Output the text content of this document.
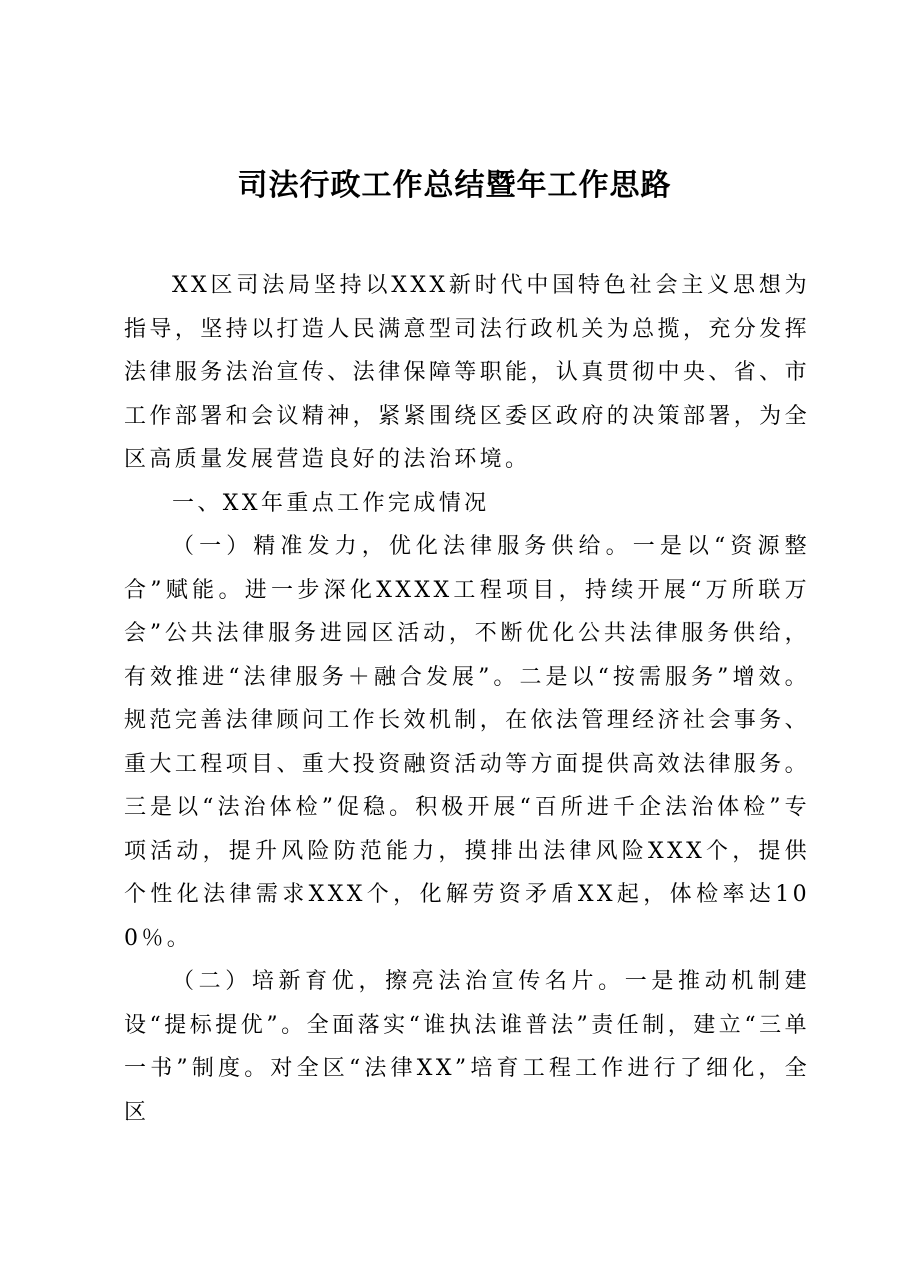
司法行政工作总结暨年工作思路

XX区司法局坚持以XXX新时代中国特色社会主义思想为指导，坚持以打造人民满意型司法行政机关为总揽，充分发挥法律服务法治宣传、法律保障等职能，认真贯彻中央、省、市工作部署和会议精神，紧紧围绕区委区政府的决策部署，为全区高质量发展营造良好的法治环境。

一、XX年重点工作完成情况

（一）精准发力，优化法律服务供给。一是以“资源整合”赋能。进一步深化XXXX工程项目，持续开展“万所联万会”公共法律服务进园区活动，不断优化公共法律服务供给，有效推进“法律服务＋融合发展”。二是以“按需服务”增效。规范完善法律顾问工作长效机制，在依法管理经济社会事务、重大工程项目、重大投资融资活动等方面提供高效法律服务。三是以“法治体检”促稳。积极开展“百所进千企法治体检”专项活动，提升风险防范能力，摸排出法律风险XXX个，提供个性化法律需求XXX个，化解劳资矛盾XX起，体检率达100％。

（二）培新育优，擦亮法治宣传名片。一是推动机制建设“提标提优”。全面落实“谁执法谁普法”责任制，建立“三单一书”制度。对全区“法律XX”培育工程工作进行了细化，全区
